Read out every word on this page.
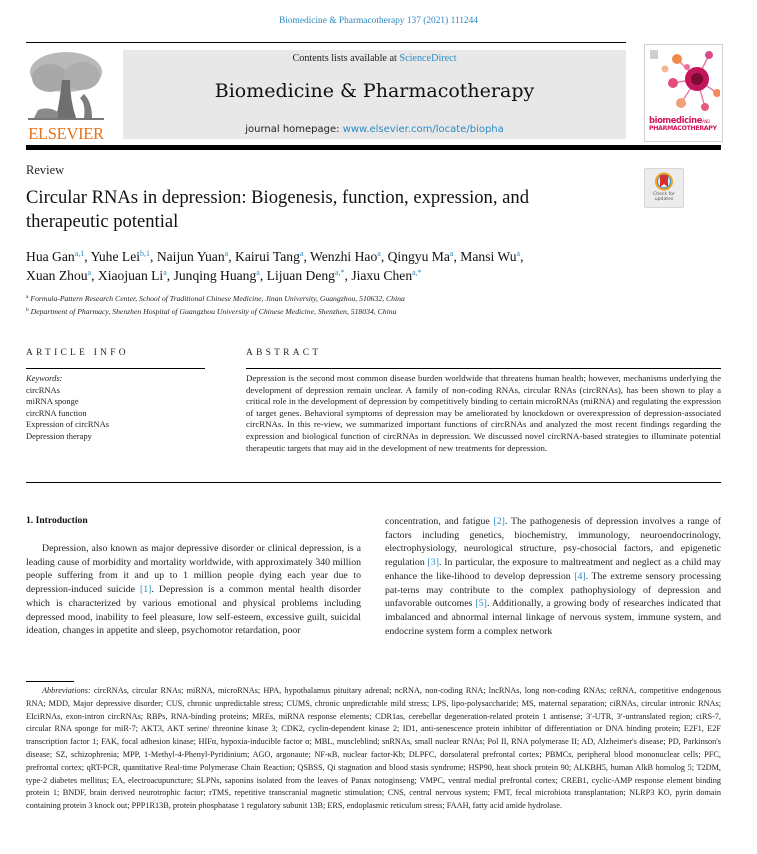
Biomedicine & Pharmacotherapy 137 (2021) 111244
ELSEVIER
Contents lists available at ScienceDirect
Biomedicine & Pharmacotherapy
journal homepage: www.elsevier.com/locate/biopha
biomedicineAND
PHARMACOTHERAPY
Review
Circular RNAs in depression: Biogenesis, function, expression, and therapeutic potential
Check for
updates
Hua Gan$^{a,1}$, Yuhe Lei$^{b,1}$, Naijun Yuan$^a$, Kairui Tang$^a$, Wenzhi Hao$^a$, Qingyu Ma$^a$, Mansi Wu$^a$,
Xuan Zhou$^a$, Xiaojuan Li$^a$, Junqing Huang$^a$, Lijuan Deng$^{a,*}$, Jiaxu Chen$^{a,*}$
$^a$ Formula-Pattern Research Center, School of Traditional Chinese Medicine, Jinan University, Guangzhou, 510632, China
$^b$ Department of Pharmacy, Shenzhen Hospital of Guangzhou University of Chinese Medicine, Shenzhen, 518034, China
ARTICLE INFO	ABSTRACT
Keywords:
circRNAs
miRNA sponge
circRNA function
Expression of circRNAs
Depression therapy
Depression is the second most common disease burden worldwide that threatens human health; however, mechanisms underlying the development of depression remain unclear. A family of non-coding RNAs, circular RNAs (circRNAs), has been shown to play a critical role in the development of depression by competitively binding to certain microRNAs (miRNA) and regulating the expression of target genes. Behavioral symptoms of depression may be ameliorated by knockdown or overexpression of depression-associated circRNAs. In this re-view, we summarized important functions of circRNAs and analyzed the most recent findings regarding the expression and biological function of circRNAs in depression. We discussed novel circRNA-based strategies to illuminate potential therapeutic targets that may aid in the development of new treatments for depression.
1. Introduction

Depression, also known as major depressive disorder or clinical depression, is a leading cause of morbidity and mortality worldwide, with approximately 340 million people suffering from it and up to 1 million people dying each year due to depression-induced suicide [1]. Depression is a common mental health disorder which is characterized by various emotional and physical problems including depressed mood, inability to feel pleasure, low self-esteem, excessive guilt, suicidal ideation, changes in appetite and sleep, psychomotor retardation, poor

concentration, and fatigue [2]. The pathogenesis of depression involves a range of factors including genetics, biochemistry, immunology, neuroendocrinology, electrophysiology, neurological structure, psy-chosocial factors, and epigenetic regulation [3]. In particular, the exposure to maltreatment and neglect as a child may enhance the like-lihood to develop depression [4]. The extreme sensory processing pat-terns may contribute to the complex pathophysiology of depression and unfavorable outcomes [5]. Additionally, a growing body of researches indicated that imbalanced and abnormal internal linkage of nervous system, immune system, and endocrine system form a complex network

Abbreviations: circRNAs, circular RNAs; miRNA, microRNAs; HPA, hypothalamus pituitary adrenal; ncRNA, non-coding RNA; lncRNAs, long non-coding RNAs; ceRNA, competitive endogenous RNA; MDD, Major depressive disorder; CUS, chronic unpredictable stress; CUMS, chronic unpredictable mild stress; LPS, lipo-polysaccharide; MS, maternal separation; ciRNAs, circular intronic RNAs; EIciRNAs, exon-intron circRNAs; RBPs, RNA-binding proteins; MREs, miRNA response elements; CDR1as, cerebellar degeneration-related protein 1 antisense; 3′-UTR, 3′-untranslated region; ciRS-7, circular RNA sponge for miR-7; AKT3, AKT serine/ threonine kinase 3; CDK2, cyclin-dependent kinase 2; ID1, anti-senescence protein inhibitor of differentiation or DNA binding protein; E2F1, E2F transcription factor 1; FAK, focal adhesion kinase; HIFα, hypoxia-inducible factor α; MBL, muscleblind; snRNAs, small nuclear RNAs; Pol II, RNA polymerase II; AD, Alzheimer's disease; PD, Parkinson's disease; SZ, schizophrenia; MPP, 1-Methyl-4-Phenyl-Pyridinium; AGO, argonaute; NF-κB, nuclear factor-Kb; DLPFC, dorsolateral prefrontal cortex; PBMCs, peripheral blood mononuclear cells; PFC, prefrontal cortex; qRT-PCR, quantitative Real-time Polymerase Chain Reaction; QSBSS, Qi stagnation and blood stasis syndrome; HSP90, heat shock protein 90; ALKBH5, human AlkB homolog 5; T2DM, type-2 diabetes mellitus; EA, electroacupuncture; SLPNs, saponins isolated from the leaves of Panax notoginseng; VMPC, ventral medial prefrontal cortex; CREB1, cyclic-AMP response element binding protein 1; BNDF, brain derived neurotrophic factor; rTMS, repetitive transcranial magnetic stimulation; CNS, central nervous system; FMT, fecal microbiota transplantation; NLRP3 KO, pyrin domain containing protein 3 knock out; PPP1R13B, protein phosphatase 1 regulatory subunit 13B; ERS, endoplasmic reticulum stress; FAAH, fatty acid amide hydrolase.
